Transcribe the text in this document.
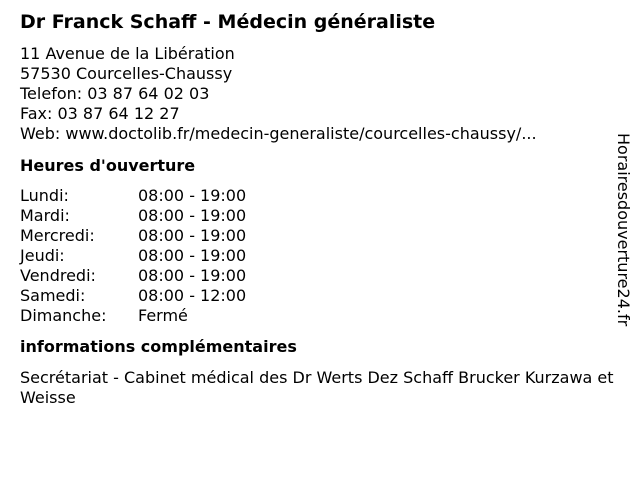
Dr Franck Schaff - Médecin généraliste
11 Avenue de la Libération
57530 Courcelles-Chaussy
Telefon: 03 87 64 02 03
Fax: 03 87 64 12 27
Web: www.doctolib.fr/medecin-generaliste/courcelles-chaussy/...
Heures d'ouverture
Lundi:	08:00 - 19:00
Mardi:	08:00 - 19:00
Mercredi:	08:00 - 19:00
Jeudi:	08:00 - 19:00
Vendredi:	08:00 - 19:00
Samedi:	08:00 - 12:00
Dimanche: Fermé
informations complémentaires
Secrétariat - Cabinet médical des Dr Werts Dez Schaff Brucker Kurzawa et Weisse
Horairesdouverture24.fr
